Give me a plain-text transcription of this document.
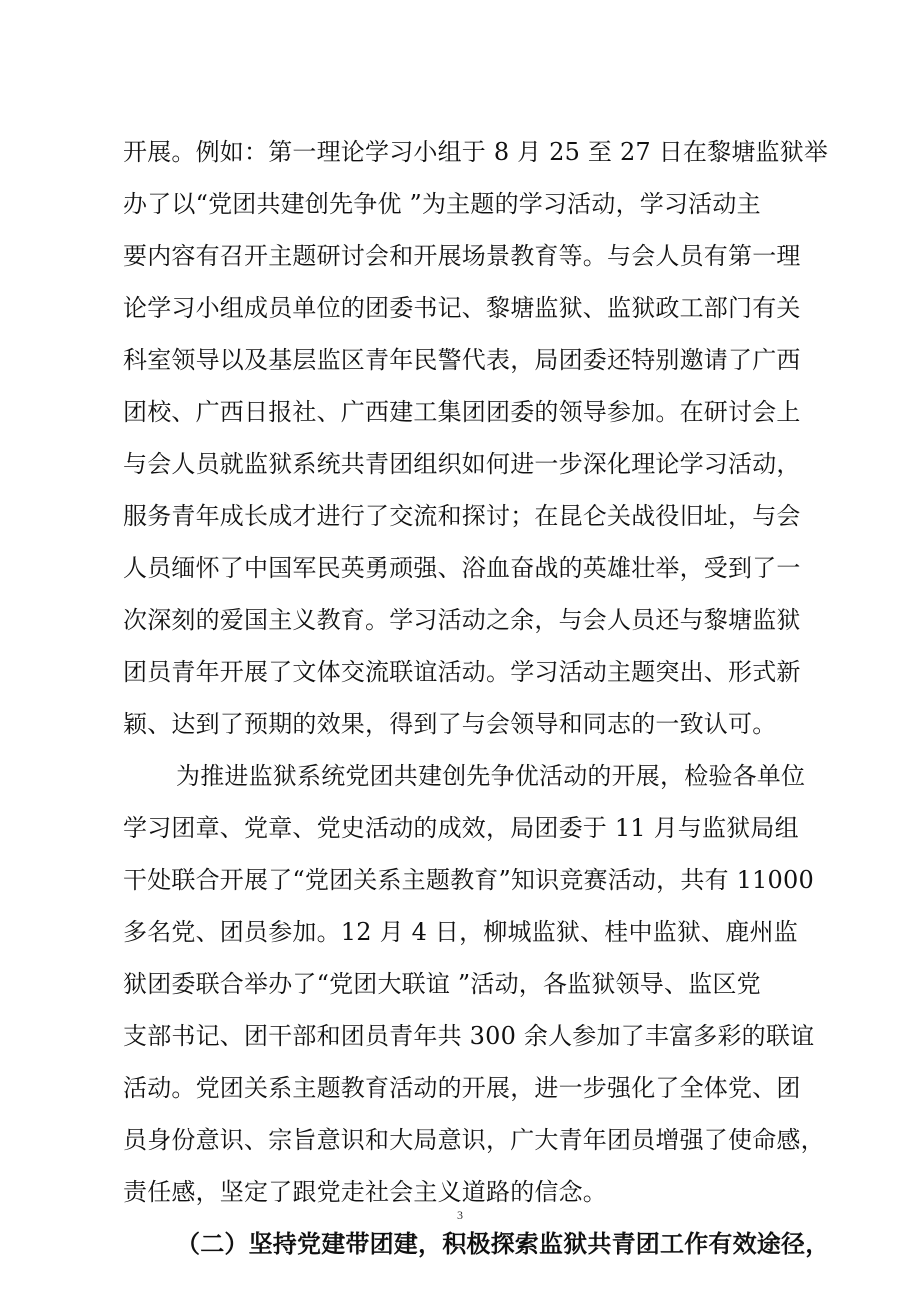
开展。例如：第一理论学习小组于 8 月 25 至 27 日在黎塘监狱举
办了以“党团共建创先争优 ”为主题的学习活动，学习活动主
要内容有召开主题研讨会和开展场景教育等。与会人员有第一理
论学习小组成员单位的团委书记、黎塘监狱、监狱政工部门有关
科室领导以及基层监区青年民警代表，局团委还特别邀请了广西
团校、广西日报社、广西建工集团团委的领导参加。在研讨会上
与会人员就监狱系统共青团组织如何进一步深化理论学习活动，
服务青年成长成才进行了交流和探讨；在昆仑关战役旧址，与会
人员缅怀了中国军民英勇顽强、浴血奋战的英雄壮举，受到了一
次深刻的爱国主义教育。学习活动之余，与会人员还与黎塘监狱
团员青年开展了文体交流联谊活动。学习活动主题突出、形式新
颖、达到了预期的效果，得到了与会领导和同志的一致认可。
为推进监狱系统党团共建创先争优活动的开展，检验各单位
学习团章、党章、党史活动的成效，局团委于 11 月与监狱局组
干处联合开展了“党团关系主题教育”知识竞赛活动，共有 11000
多名党、团员参加。12 月 4 日，柳城监狱、桂中监狱、鹿州监
狱团委联合举办了“党团大联谊 ”活动，各监狱领导、监区党
支部书记、团干部和团员青年共 300 余人参加了丰富多彩的联谊
活动。党团关系主题教育活动的开展，进一步强化了全体党、团
员身份意识、宗旨意识和大局意识，广大青年团员增强了使命感，
责任感，坚定了跟党走社会主义道路的信念。
（二）坚持党建带团建，积极探索监狱共青团工作有效途径，
3
